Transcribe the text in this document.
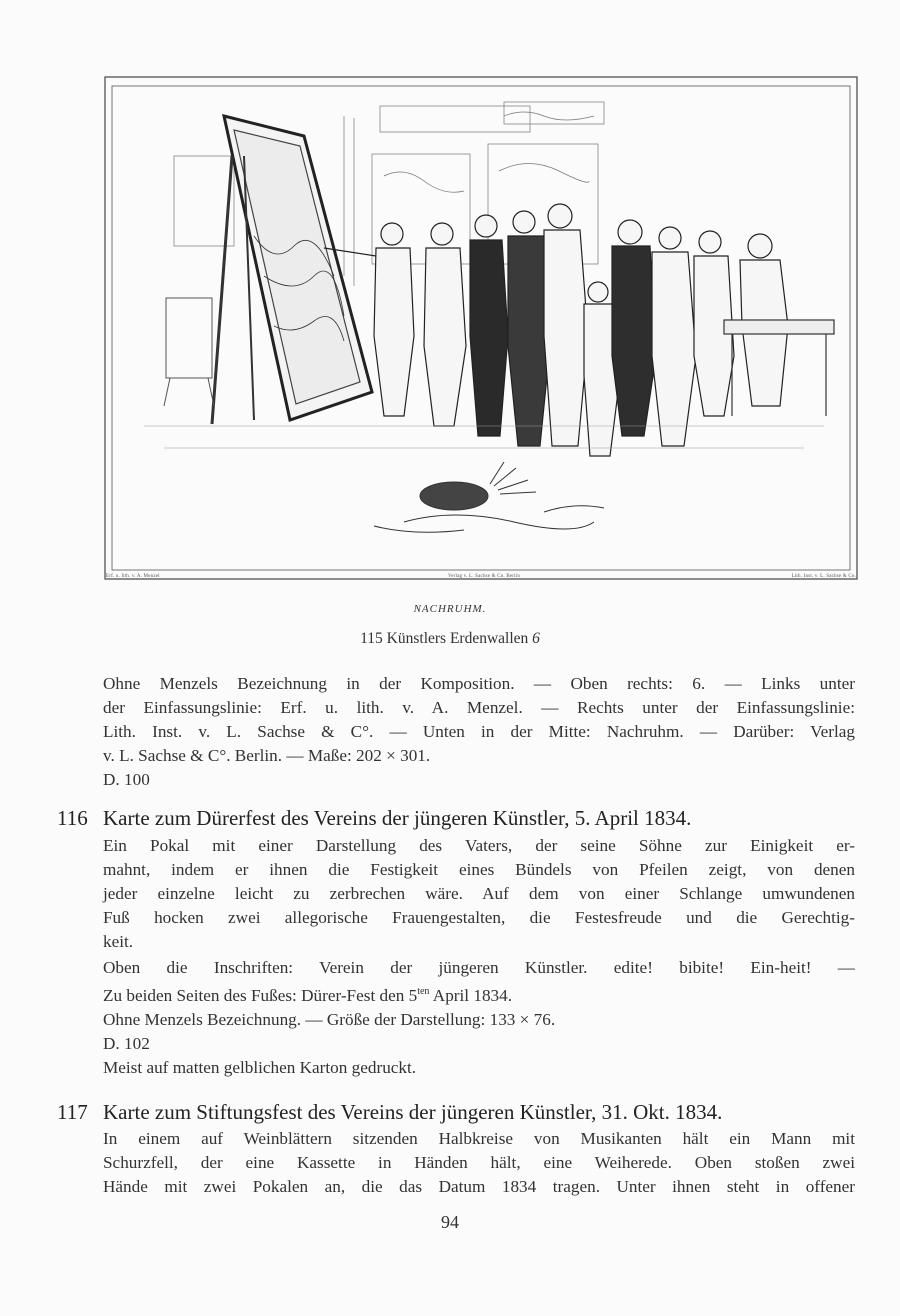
Erf. u. lith. v. A. Menzel	Verlag v. L. Sachse & Co. Berlin	Lith. Inst. v. L. Sachse & Co.
NACHRUHM.
115 Künstlers Erdenwallen 6

Ohne Menzels Bezeichnung in der Komposition. — Oben rechts: 6. — Links unter

der Einfassungslinie: Erf. u. lith. v. A. Menzel. — Rechts unter der Einfassungslinie:

Lith. Inst. v. L. Sachse & C°. — Unten in der Mitte: Nachruhm. — Darüber: Verlag

v. L. Sachse & C°. Berlin. — Maße: 202 × 301.

D. 100

116 Karte zum Dürerfest des Vereins der jüngeren Künstler, 5. April 1834.

Ein Pokal mit einer Darstellung des Vaters, der seine Söhne zur Einigkeit er-

mahnt, indem er ihnen die Festigkeit eines Bündels von Pfeilen zeigt, von denen

jeder einzelne leicht zu zerbrechen wäre. Auf dem von einer Schlange umwundenen

Fuß hocken zwei allegorische Frauengestalten, die Festesfreude und die Gerechtig-

keit.

Oben die Inschriften: Verein der jüngeren Künstler. edite! bibite! Ein-heit! —

Zu beiden Seiten des Fußes: Dürer-Fest den $5^{ten}$ April 1834.

Ohne Menzels Bezeichnung. — Größe der Darstellung: 133 × 76.

D. 102

Meist auf matten gelblichen Karton gedruckt.

117 Karte zum Stiftungsfest des Vereins der jüngeren Künstler, 31. Okt. 1834.

In einem auf Weinblättern sitzenden Halbkreise von Musikanten hält ein Mann mit

Schurzfell, der eine Kassette in Händen hält, eine Weiherede. Oben stoßen zwei

Hände mit zwei Pokalen an, die das Datum 1834 tragen. Unter ihnen steht in offener

94
